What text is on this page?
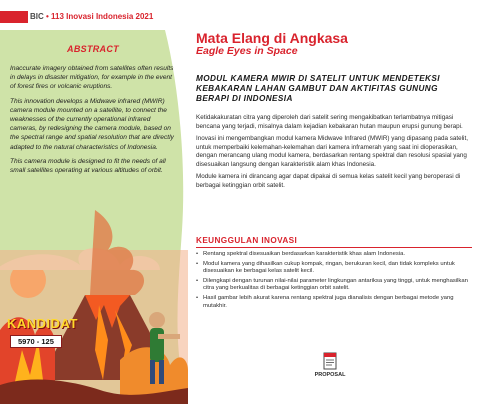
BIC • 113 Inovasi Indonesia 2021

ABSTRACT

Inaccurate imagery obtained from satellites often results in delays in disaster mitigation, for example in the event of forest fires or volcanic eruptions.

This innovation develops a Midwave infrared (MWIR) camera module mounted on a satellite, to connect the weaknesses of the currently operational infrared cameras, by redesigning the camera module, based on the spectral range and spatial resolution that are directly adapted to the natural characteristics of Indonesia.

This camera module is designed to fit the needs of all small satellites operating at various altitudes of orbit.

KANDIDAT
5970 - 125
Mata Elang di Angkasa
Eagle Eyes in Space
MODUL KAMERA MWIR DI SATELIT UNTUK MENDETEKSI KEBAKARAN LAHAN GAMBUT DAN AKTIFITAS GUNUNG BERAPI DI INDONESIA

Ketidakakuratan citra yang diperoleh dari satelit sering mengakibatkan terlambatnya mitigasi bencana yang terjadi, misalnya dalam kejadian kebakaran hutan maupun erupsi gunung berapi.

Inovasi ini mengembangkan modul kamera Midwave Infrared (MWIR) yang dipasang pada satelit, untuk memperbaiki kelemahan-kelemahan dari kamera inframerah yang saat ini dioperasikan, dengan merancang ulang modul kamera, berdasarkan rentang spektral dan resolusi spasial yang disesuaikan langsung dengan karakteristik alam khas Indonesia.

Module kamera ini dirancang agar dapat dipakai di semua kelas satelit kecil yang beroperasi di berbagai ketinggian orbit satelit.

KEUNGGULAN INOVASI
• Rentang spektral disesuaikan berdasarkan karakteristik khas alam Indonesia.
• Modul kamera yang dihasilkan cukup kompak, ringan, berukuran kecil, dan tidak kompleks untuk disesuaikan ke berbagai kelas satelit kecil.
• Dilengkapi dengan turunan nilai-nilai parameter lingkungan antariksa yang tinggi, untuk menghasilkan citra yang berkualitas di berbagai ketinggian orbit satelit.
• Hasil gambar lebih akurat karena rentang spektral juga dianalisis dengan berbagai metode yang mutakhir.
PROPOSAL
